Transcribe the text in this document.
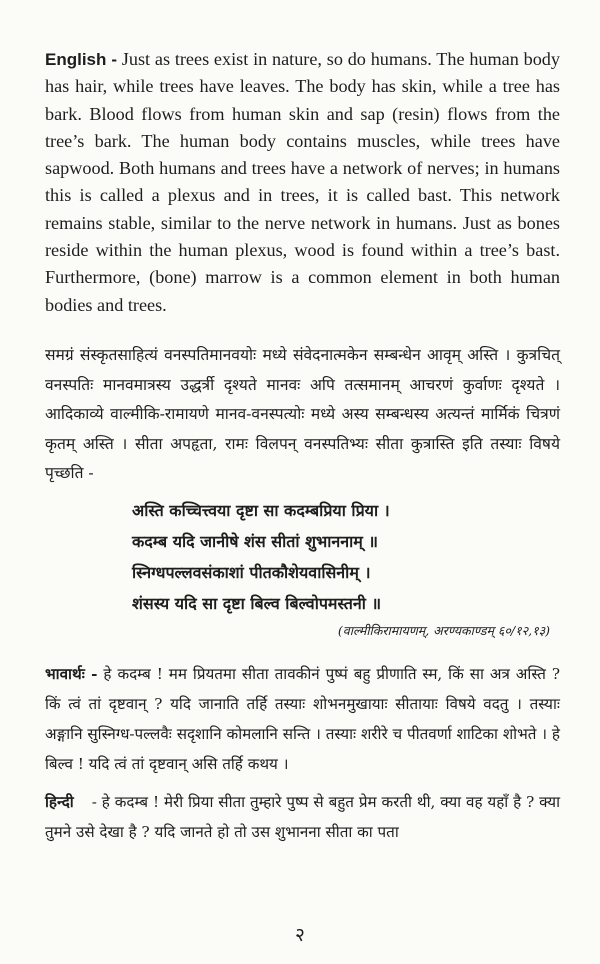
English - Just as trees exist in nature, so do humans. The human body has hair, while trees have leaves. The body has skin, while a tree has bark. Blood flows from human skin and sap (resin) flows from the tree’s bark. The human body contains muscles, while trees have sapwood. Both humans and trees have a network of nerves; in humans this is called a plexus and in trees, it is called bast. This network remains stable, similar to the nerve network in humans. Just as bones reside within the human plexus, wood is found within a tree’s bast. Furthermore, (bone) marrow is a common element in both human bodies and trees.

समग्रं संस्कृतसाहित्यं वनस्पतिमानवयोः मध्ये संवेदनात्मकेन सम्बन्धेन आवृम् अस्ति । कुत्रचित् वनस्पतिः मानवमात्रस्य उद्धर्त्री दृश्यते मानवः अपि तत्समानम् आचरणं कुर्वाणः दृश्यते । आदिकाव्ये वाल्मीकि-रामायणे मानव-वनस्पत्योः मध्ये अस्य सम्बन्धस्य अत्यन्तं मार्मिकं चित्रणं कृतम् अस्ति । सीता अपहृता, रामः विलपन् वनस्पतिभ्यः सीता कुत्रास्ति इति तस्याः विषये पृच्छति -
अस्ति कच्चित्त्वया दृष्टा सा कदम्बप्रिया प्रिया ।
कदम्ब यदि जानीषे शंस सीतां शुभाननाम् ॥
स्निग्धपल्लवसंकाशां पीतकौशेयवासिनीम् ।
शंसस्य यदि सा दृष्टा बिल्व बिल्वोपमस्तनी ॥
(वाल्मीकिरामायणम्, अरण्यकाण्डम् ६०/१२,१३)
भावार्थः - हे कदम्ब ! मम प्रियतमा सीता तावकीनं पुष्पं बहु प्रीणाति स्म, किं सा अत्र अस्ति ? किं त्वं तां दृष्टवान् ? यदि जानाति तर्हि तस्याः शोभनमुखायाः सीतायाः विषये वदतु । तस्याः अङ्गानि सुस्निग्ध-पल्लवैः सदृशानि कोमलानि सन्ति । तस्याः शरीरे च पीतवर्णा शाटिका शोभते । हे बिल्व ! यदि त्वं तां दृष्टवान् असि तर्हि कथय ।
हिन्दी - हे कदम्ब ! मेरी प्रिया सीता तुम्हारे पुष्प से बहुत प्रेम करती थी, क्या वह यहाँ है ? क्या तुमने उसे देखा है ? यदि जानते हो तो उस शुभानना सीता का पता
२
